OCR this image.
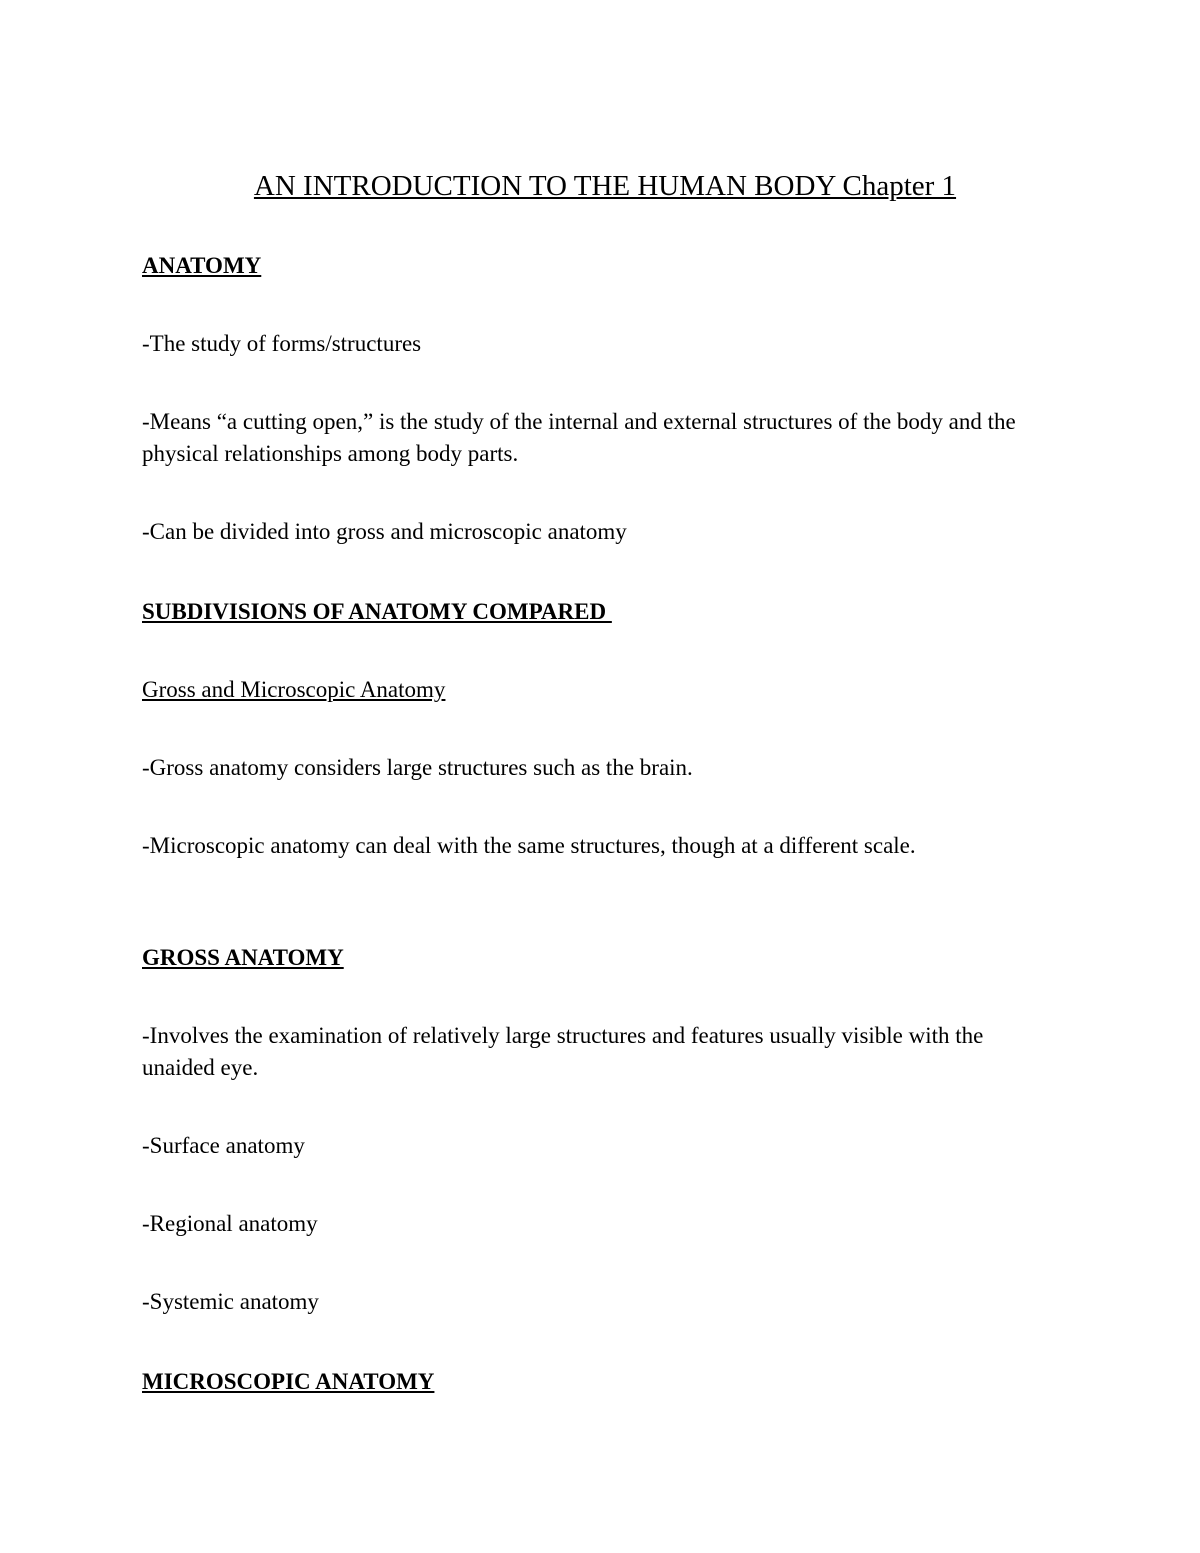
AN INTRODUCTION TO THE HUMAN BODY Chapter 1

ANATOMY

-The study of forms/structures

-Means “a cutting open,” is the study of the internal and external structures of the body and the physical relationships among body parts.

-Can be divided into gross and microscopic anatomy

SUBDIVISIONS OF ANATOMY COMPARED

Gross and Microscopic Anatomy

-Gross anatomy considers large structures such as the brain.

-Microscopic anatomy can deal with the same structures, though at a different scale.

GROSS ANATOMY

-Involves the examination of relatively large structures and features usually visible with the unaided eye.

-Surface anatomy

-Regional anatomy

-Systemic anatomy

MICROSCOPIC ANATOMY
